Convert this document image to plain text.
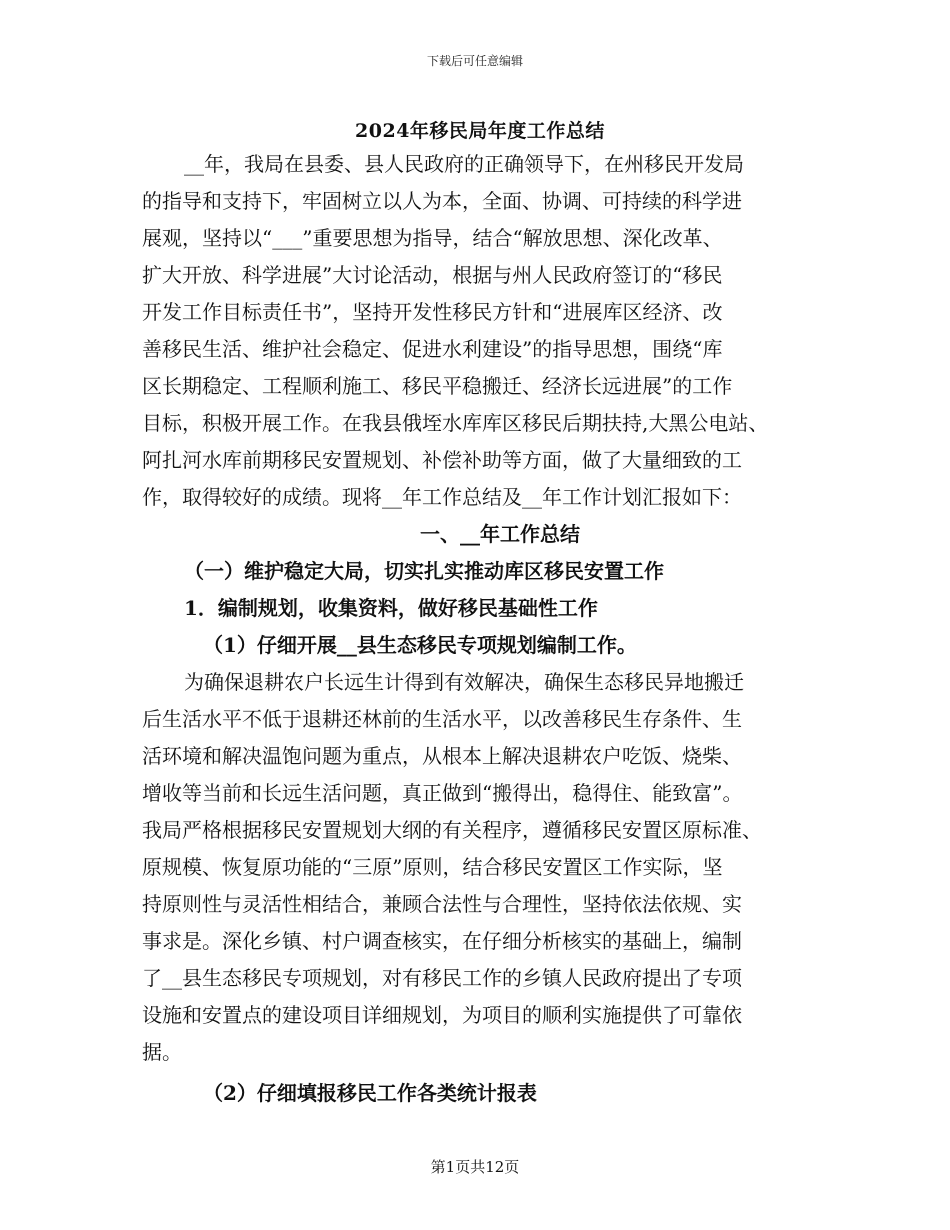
下载后可任意编辑
2024年移民局年度工作总结
__年，我局在县委、县人民政府的正确领导下，在州移民开发局
的指导和支持下，牢固树立以人为本，全面、协调、可持续的科学进
展观，坚持以“___”重要思想为指导，结合“解放思想、深化改革、
扩大开放、科学进展”大讨论活动，根据与州人民政府签订的“移民
开发工作目标责任书”，坚持开发性移民方针和“进展库区经济、改
善移民生活、维护社会稳定、促进水利建设”的指导思想，围绕“库
区长期稳定、工程顺利施工、移民平稳搬迁、经济长远进展”的工作
目标，积极开展工作。在我县俄垤水库库区移民后期扶持,大黑公电站、
阿扎河水库前期移民安置规划、补偿补助等方面，做了大量细致的工
作，取得较好的成绩。现将__年工作总结及__年工作计划汇报如下：
一、__年工作总结
（一）维护稳定大局，切实扎实推动库区移民安置工作
1．编制规划，收集资料，做好移民基础性工作
（1）仔细开展__县生态移民专项规划编制工作。
为确保退耕农户长远生计得到有效解决，确保生态移民异地搬迁
后生活水平不低于退耕还林前的生活水平，以改善移民生存条件、生
活环境和解决温饱问题为重点，从根本上解决退耕农户吃饭、烧柴、
增收等当前和长远生活问题，真正做到“搬得出，稳得住、能致富”。
我局严格根据移民安置规划大纲的有关程序，遵循移民安置区原标准、
原规模、恢复原功能的“三原”原则，结合移民安置区工作实际，坚
持原则性与灵活性相结合，兼顾合法性与合理性，坚持依法依规、实
事求是。深化乡镇、村户调查核实，在仔细分析核实的基础上，编制
了__县生态移民专项规划，对有移民工作的乡镇人民政府提出了专项
设施和安置点的建设项目详细规划，为项目的顺利实施提供了可靠依
据。
（2）仔细填报移民工作各类统计报表
第1页共12页
